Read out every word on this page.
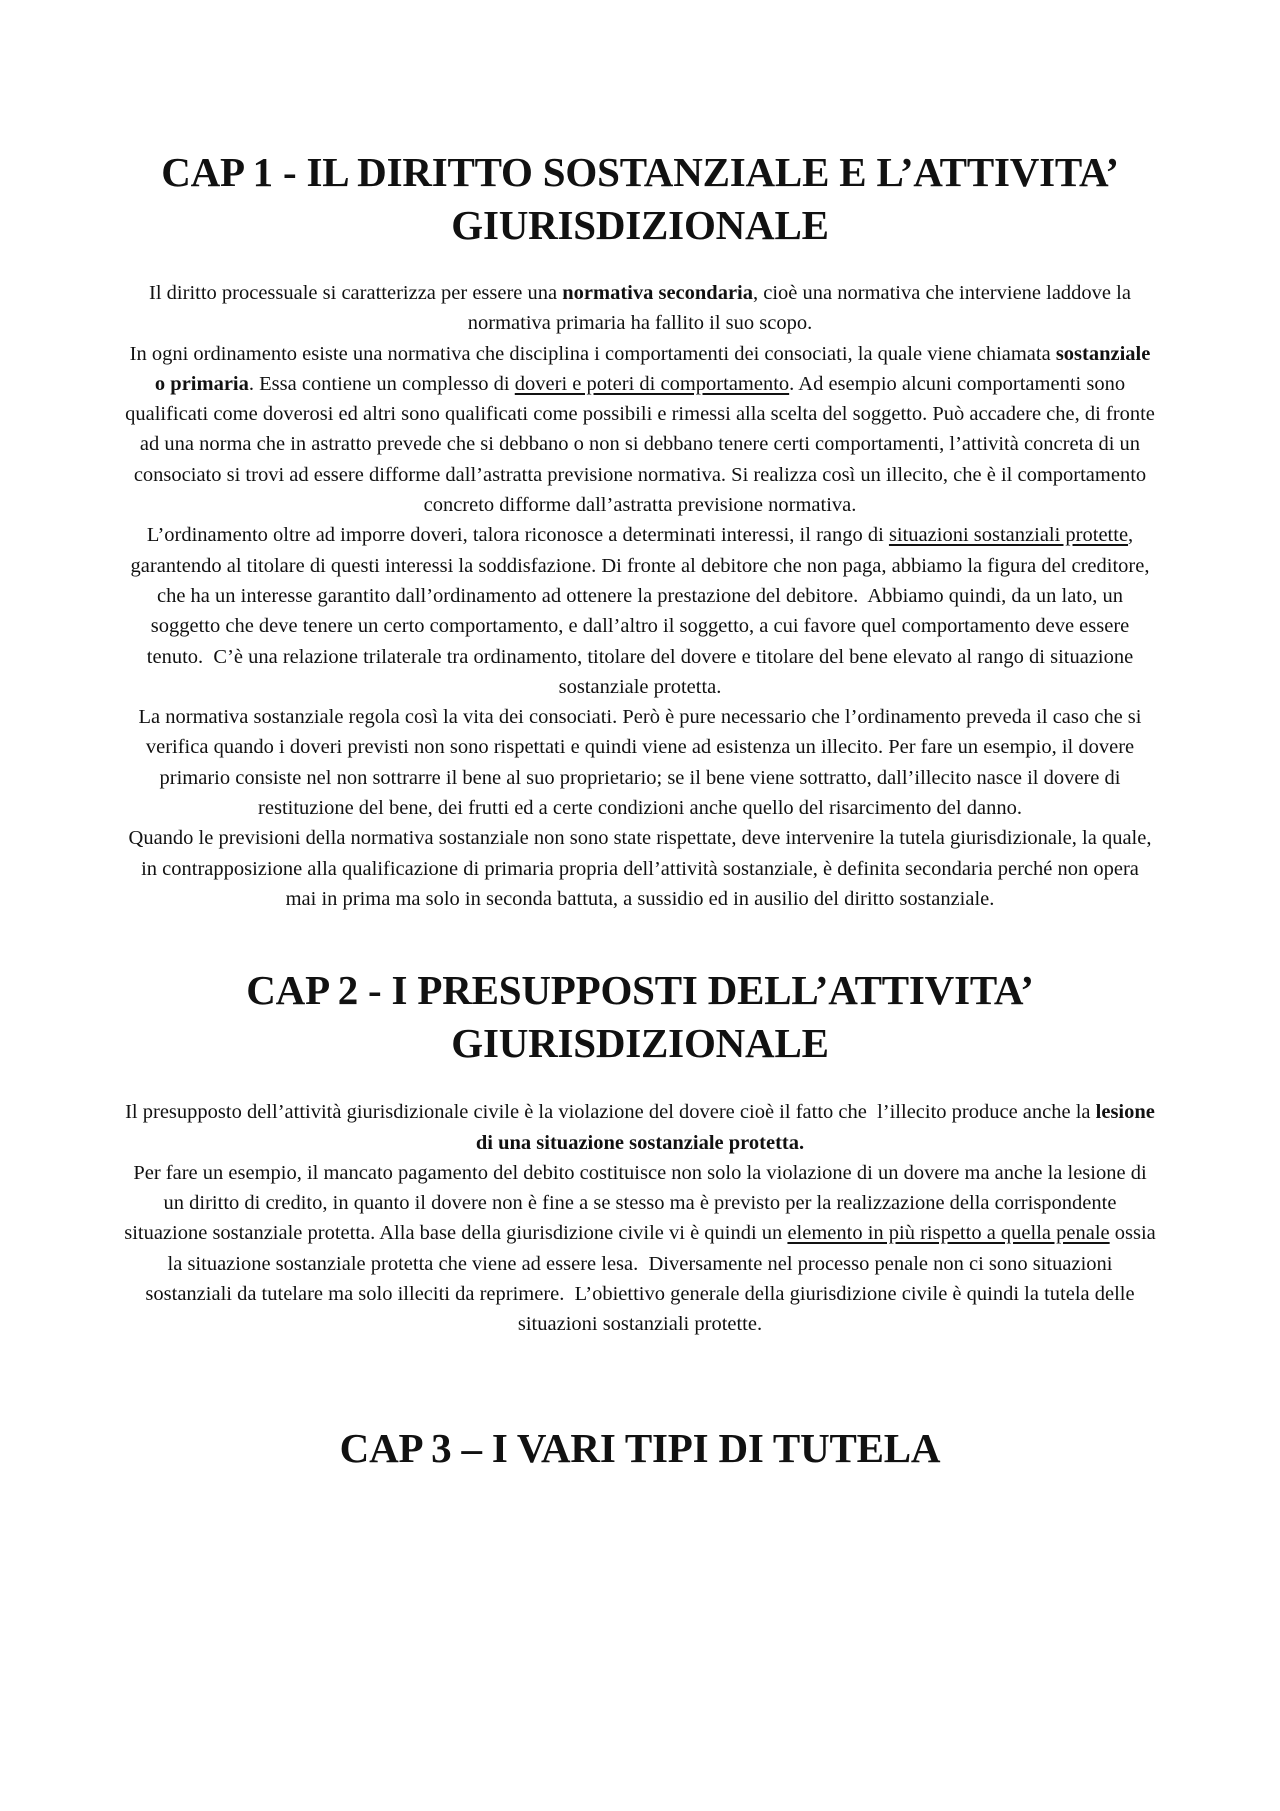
CAP 1 - IL DIRITTO SOSTANZIALE E L’ATTIVITA’
GIURISDIZIONALE

Il diritto processuale si caratterizza per essere una normativa secondaria, cioè una normativa che interviene laddove la normativa primaria ha fallito il suo scopo.

In ogni ordinamento esiste una normativa che disciplina i comportamenti dei consociati, la quale viene chiamata sostanziale o primaria. Essa contiene un complesso di doveri e poteri di comportamento. Ad esempio alcuni comportamenti sono qualificati come doverosi ed altri sono qualificati come possibili e rimessi alla scelta del soggetto. Può accadere che, di fronte ad una norma che in astratto prevede che si debbano o non si debbano tenere certi comportamenti, l’attività concreta di un consociato si trovi ad essere difforme dall’astratta previsione normativa. Si realizza così un illecito, che è il comportamento concreto difforme dall’astratta previsione normativa.

L’ordinamento oltre ad imporre doveri, talora riconosce a determinati interessi, il rango di situazioni sostanziali protette, garantendo al titolare di questi interessi la soddisfazione. Di fronte al debitore che non paga, abbiamo la figura del creditore, che ha un interesse garantito dall’ordinamento ad ottenere la prestazione del debitore.  Abbiamo quindi, da un lato, un soggetto che deve tenere un certo comportamento, e dall’altro il soggetto, a cui favore quel comportamento deve essere tenuto.  C’è una relazione trilaterale tra ordinamento, titolare del dovere e titolare del bene elevato al rango di situazione sostanziale protetta.

La normativa sostanziale regola così la vita dei consociati. Però è pure necessario che l’ordinamento preveda il caso che si verifica quando i doveri previsti non sono rispettati e quindi viene ad esistenza un illecito. Per fare un esempio, il dovere primario consiste nel non sottrarre il bene al suo proprietario; se il bene viene sottratto, dall’illecito nasce il dovere di restituzione del bene, dei frutti ed a certe condizioni anche quello del risarcimento del danno.

Quando le previsioni della normativa sostanziale non sono state rispettate, deve intervenire la tutela giurisdizionale, la quale, in contrapposizione alla qualificazione di primaria propria dell’attività sostanziale, è definita secondaria perché non opera mai in prima ma solo in seconda battuta, a sussidio ed in ausilio del diritto sostanziale.

CAP 2 - I PRESUPPOSTI DELL’ATTIVITA’
GIURISDIZIONALE

Il presupposto dell’attività giurisdizionale civile è la violazione del dovere cioè il fatto che  l’illecito produce anche la lesione di una situazione sostanziale protetta.

Per fare un esempio, il mancato pagamento del debito costituisce non solo la violazione di un dovere ma anche la lesione di un diritto di credito, in quanto il dovere non è fine a se stesso ma è previsto per la realizzazione della corrispondente situazione sostanziale protetta. Alla base della giurisdizione civile vi è quindi un elemento in più rispetto a quella penale ossia la situazione sostanziale protetta che viene ad essere lesa.  Diversamente nel processo penale non ci sono situazioni sostanziali da tutelare ma solo illeciti da reprimere.  L’obiettivo generale della giurisdizione civile è quindi la tutela delle situazioni sostanziali protette.

CAP 3 – I VARI TIPI DI TUTELA
